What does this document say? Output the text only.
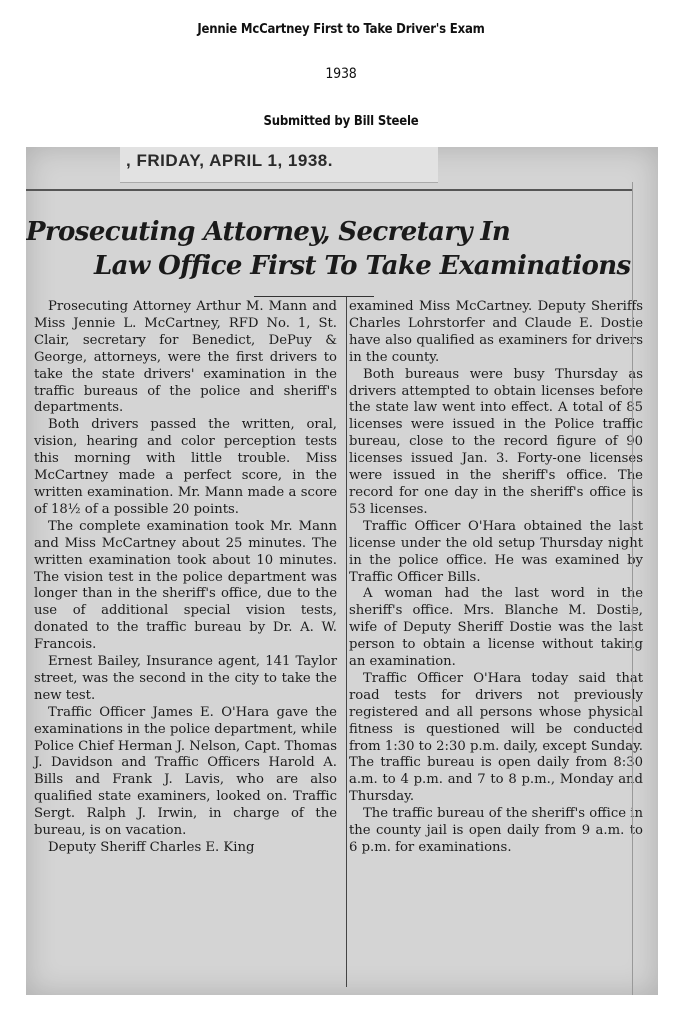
Jennie McCartney First to Take Driver's Exam
1938
Submitted by Bill Steele
, FRIDAY, APRIL 1, 1938.
Prosecuting Attorney, Secretary In
Law Office First To Take Examinations

Prosecuting Attorney Arthur M. Mann and Miss Jennie L. McCartney, RFD No. 1, St. Clair, secretary for Benedict, DePuy & George, attorneys, were the first drivers to take the state drivers' examination in the traffic bureaus of the police and sheriff's departments.

Both drivers passed the written, oral, vision, hearing and color perception tests this morning with little trouble. Miss McCartney made a perfect score, in the written examination. Mr. Mann made a score of 18½ of a possible 20 points.

The complete examination took Mr. Mann and Miss McCartney about 25 minutes. The written examination took about 10 minutes. The vision test in the police department was longer than in the sheriff's office, due to the use of additional special vision tests, donated to the traffic bureau by Dr. A. W. Francois.

Ernest Bailey, Insurance agent, 141 Taylor street, was the second in the city to take the new test.

Traffic Officer James E. O'Hara gave the examinations in the police department, while Police Chief Herman J. Nelson, Capt. Thomas J. Davidson and Traffic Officers Harold A. Bills and Frank J. Lavis, who are also qualified state examiners, looked on. Traffic Sergt. Ralph J. Irwin, in charge of the bureau, is on vacation.

Deputy Sheriff Charles E. King

examined Miss McCartney. Deputy Sheriffs Charles Lohrstorfer and Claude E. Dostie have also qualified as examiners for drivers in the county.

Both bureaus were busy Thursday as drivers attempted to obtain licenses before the state law went into effect. A total of 85 licenses were issued in the Police traffic bureau, close to the record figure of 90 licenses issued Jan. 3. Forty-one licenses were issued in the sheriff's office. The record for one day in the sheriff's office is 53 licenses.

Traffic Officer O'Hara obtained the last license under the old setup Thursday night in the police office. He was examined by Traffic Officer Bills.

A woman had the last word in the sheriff's office. Mrs. Blanche M. Dostie, wife of Deputy Sheriff Dostie was the last person to obtain a license without taking an examination.

Traffic Officer O'Hara today said that road tests for drivers not previously registered and all persons whose physical fitness is questioned will be conducted from 1:30 to 2:30 p.m. daily, except Sunday. The traffic bureau is open daily from 8:30 a.m. to 4 p.m. and 7 to 8 p.m., Monday and Thursday.

The traffic bureau of the sheriff's office in the county jail is open daily from 9 a.m. to 6 p.m. for examinations.
